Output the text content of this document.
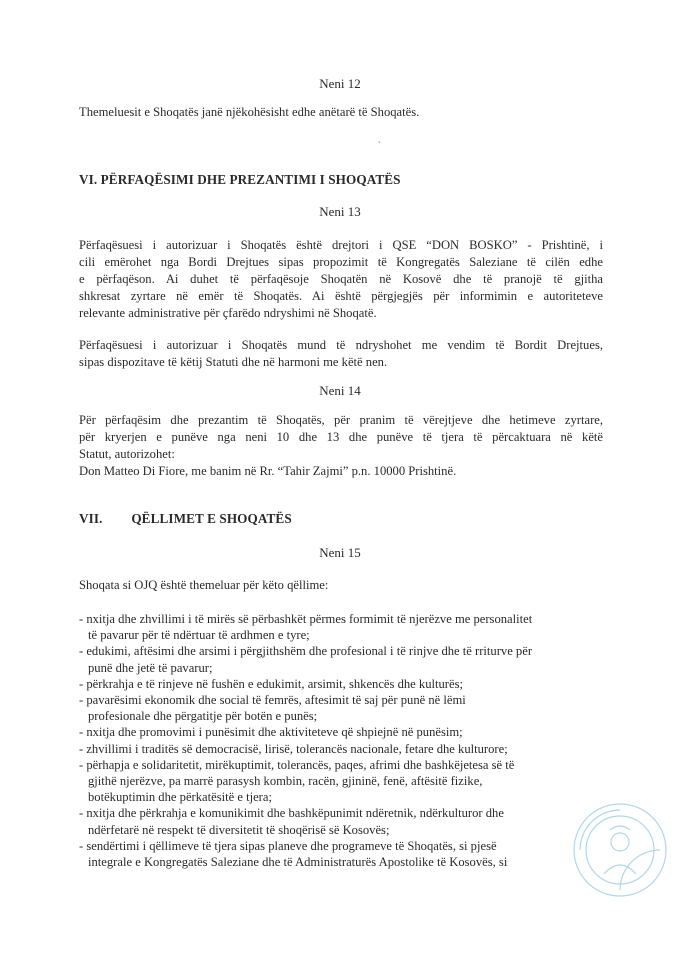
Neni 12
Themeluesit e Shoqatës janë njëkohësisht edhe anëtarë të Shoqatës.
`
VI. PËRFAQËSIMI DHE PREZANTIMI I SHOQATËS
Neni 13
Përfaqësuesi i autorizuar i Shoqatës është drejtori i QSE “DON BOSKO” - Prishtinë, i
cili emërohet nga Bordi Drejtues sipas propozimit të Kongregatës Saleziane të cilën edhe
e përfaqëson. Ai duhet të përfaqësoje Shoqatën në Kosovë dhe të pranojë të gjitha
shkresat zyrtare në emër të Shoqatës. Ai është përgjegjës për informimin e autoriteteve
relevante administrative për çfarëdo ndryshimi në Shoqatë.
Përfaqësuesi i autorizuar i Shoqatës mund të ndryshohet me vendim të Bordit Drejtues,
sipas dispozitave të këtij Statuti dhe në harmoni me këtë nen.
Neni 14
Për përfaqësim dhe prezantim të Shoqatës, për pranim të vërejtjeve dhe hetimeve zyrtare,
për kryerjen e punëve nga neni 10 dhe 13 dhe punëve të tjera të përcaktuara në këtë
Statut, autorizohet:
Don Matteo Di Fiore, me banim në Rr. “Tahir Zajmi” p.n. 10000 Prishtinë.
VII. QËLLIMET E SHOQATËS
Neni 15
Shoqata si OJQ është themeluar për këto qëllime:
- nxitja dhe zhvillimi i të mirës së përbashkët përmes formimit të njerëzve me personalitet
të pavarur për të ndërtuar të ardhmen e tyre;
- edukimi, aftësimi dhe arsimi i përgjithshëm dhe profesional i të rinjve dhe të rriturve për
punë dhe jetë të pavarur;
- përkrahja e të rinjeve në fushën e edukimit, arsimit, shkencës dhe kulturës;
- pavarësimi ekonomik dhe social të femrës, aftesimit të saj për punë në lëmi
profesionale dhe përgatitje për botën e punës;
- nxitja dhe promovimi i punësimit dhe aktiviteteve që shpiejnë në punësim;
- zhvillimi i traditës së democracisë, lirisë, tolerancës nacionale, fetare dhe kulturore;
- përhapja e solidaritetit, mirëkuptimit, tolerancës, paqes, afrimi dhe bashkëjetesa së të
gjithë njerëzve, pa marrë parasysh kombin, racën, gjininë, fenë, aftësitë fizike,
botëkuptimin dhe përkatësitë e tjera;
- nxitja dhe përkrahja e komunikimit dhe bashkëpunimit ndëretnik, ndërkulturor dhe
ndërfetarë në respekt të diversitetit të shoqërisë së Kosovës;
- sendërtimi i qëllimeve të tjera sipas planeve dhe programeve të Shoqatës, si pjesë
integrale e Kongregatës Saleziane dhe të Administraturës Apostolike të Kosovës, si
